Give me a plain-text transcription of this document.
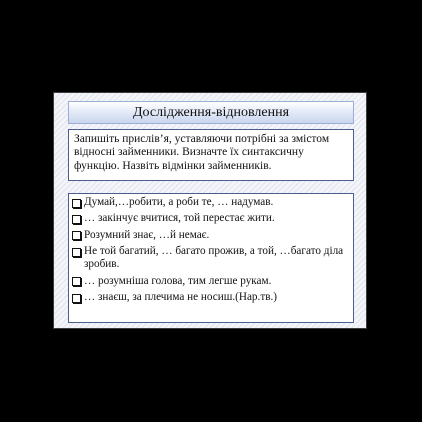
Дослідження-відновлення
Запишіть прислів’я, уставляючи потрібні за змістом відносні займенники. Визначте їх синтаксичну функцію. Назвіть відмінки займенників.
Думай,…робити, а роби те, … надумав.
… закінчує вчитися, той перестає жити.
Розумний знає, …й немає.
Не той багатий, … багато прожив, а той, …багато діла зробив.
… розумніша голова, тим легше рукам.
… знаєш, за плечима не носиш.(Нар.тв.)
